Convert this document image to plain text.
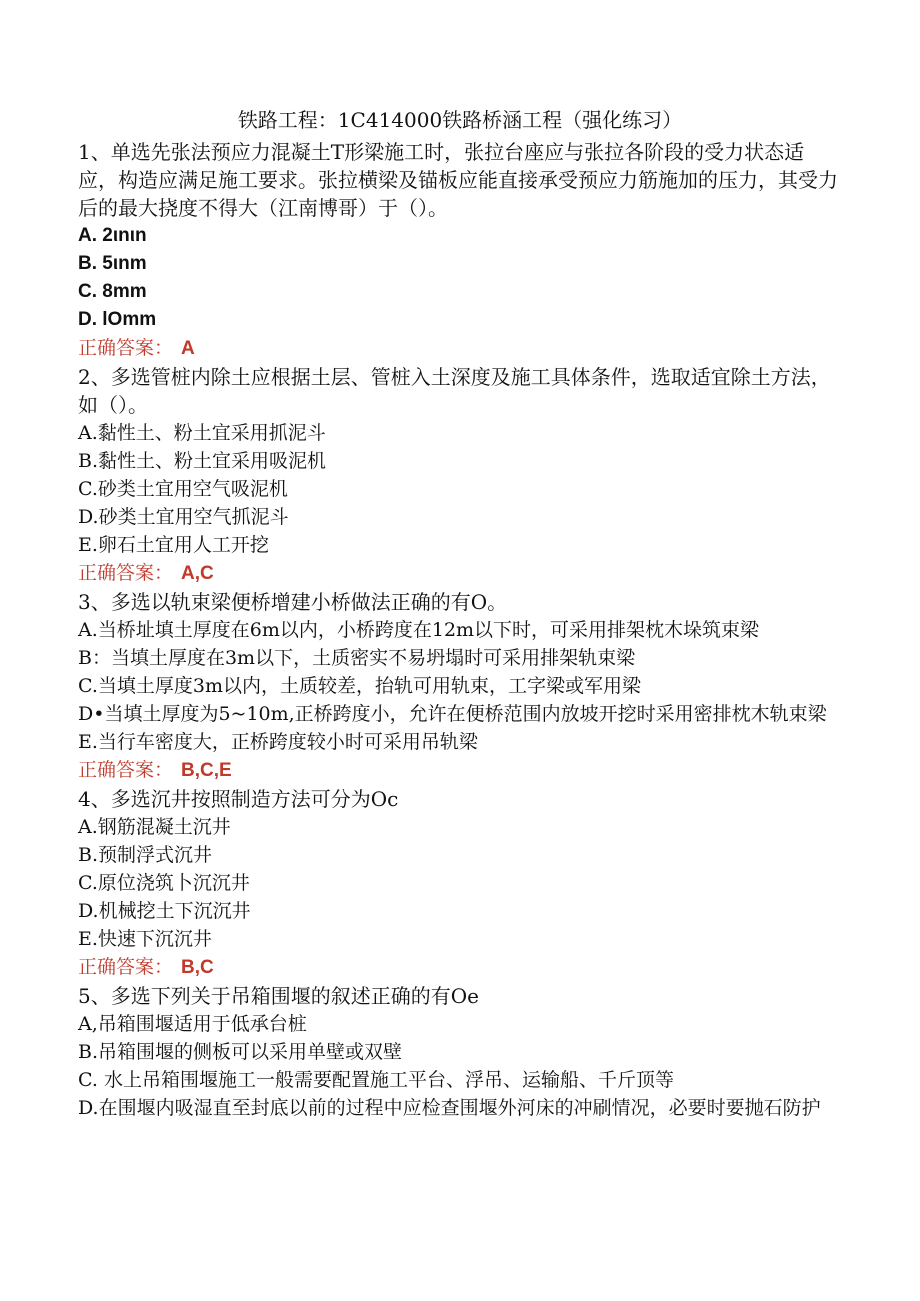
铁路工程：1C414000铁路桥涵工程（强化练习）
1、单选先张法预应力混凝土T形梁施工时，张拉台座应与张拉各阶段的受力状态适应，构造应满足施工要求。张拉横梁及锚板应能直接承受预应力筋施加的压力，其受力后的最大挠度不得大（江南博哥）于（）。
A. 2ιnιn
B. 5ιnm
C. 8mm
D. lOmm
正确答案： A
2、多选管桩内除土应根据土层、管桩入土深度及施工具体条件，选取适宜除土方法，如（）。
A.黏性土、粉土宜采用抓泥斗
B.黏性土、粉土宜采用吸泥机
C.砂类土宜用空气吸泥机
D.砂类土宜用空气抓泥斗
E.卵石土宜用人工开挖
正确答案： A,C
3、多选以轨束梁便桥增建小桥做法正确的有O。
A.当桥址填土厚度在6m以内，小桥跨度在12m以下时，可采用排架枕木垛筑束梁
B：当填土厚度在3m以下，土质密实不易坍塌时可采用排架轨束梁
C.当填土厚度3m以内，土质较差，抬轨可用轨束，工字梁或军用梁
D•当填土厚度为5~10m,正桥跨度小，允许在便桥范围内放坡开挖时采用密排枕木轨束梁
E.当行车密度大，正桥跨度较小时可采用吊轨梁
正确答案： B,C,E
4、多选沉井按照制造方法可分为Oc
A.钢筋混凝土沉井
B.预制浮式沉井
C.原位浇筑卜沉沉井
D.机械挖土下沉沉井
E.快速下沉沉井
正确答案： B,C
5、多选下列关于吊箱围堰的叙述正确的有Oe
A,吊箱围堰适用于低承台桩
B.吊箱围堰的侧板可以采用单壁或双壁
C. 水上吊箱围堰施工一般需要配置施工平台、浮吊、运输船、千斤顶等
D.在围堰内吸湿直至封底以前的过程中应检查围堰外河床的冲刷情况，必要时要抛石防护
